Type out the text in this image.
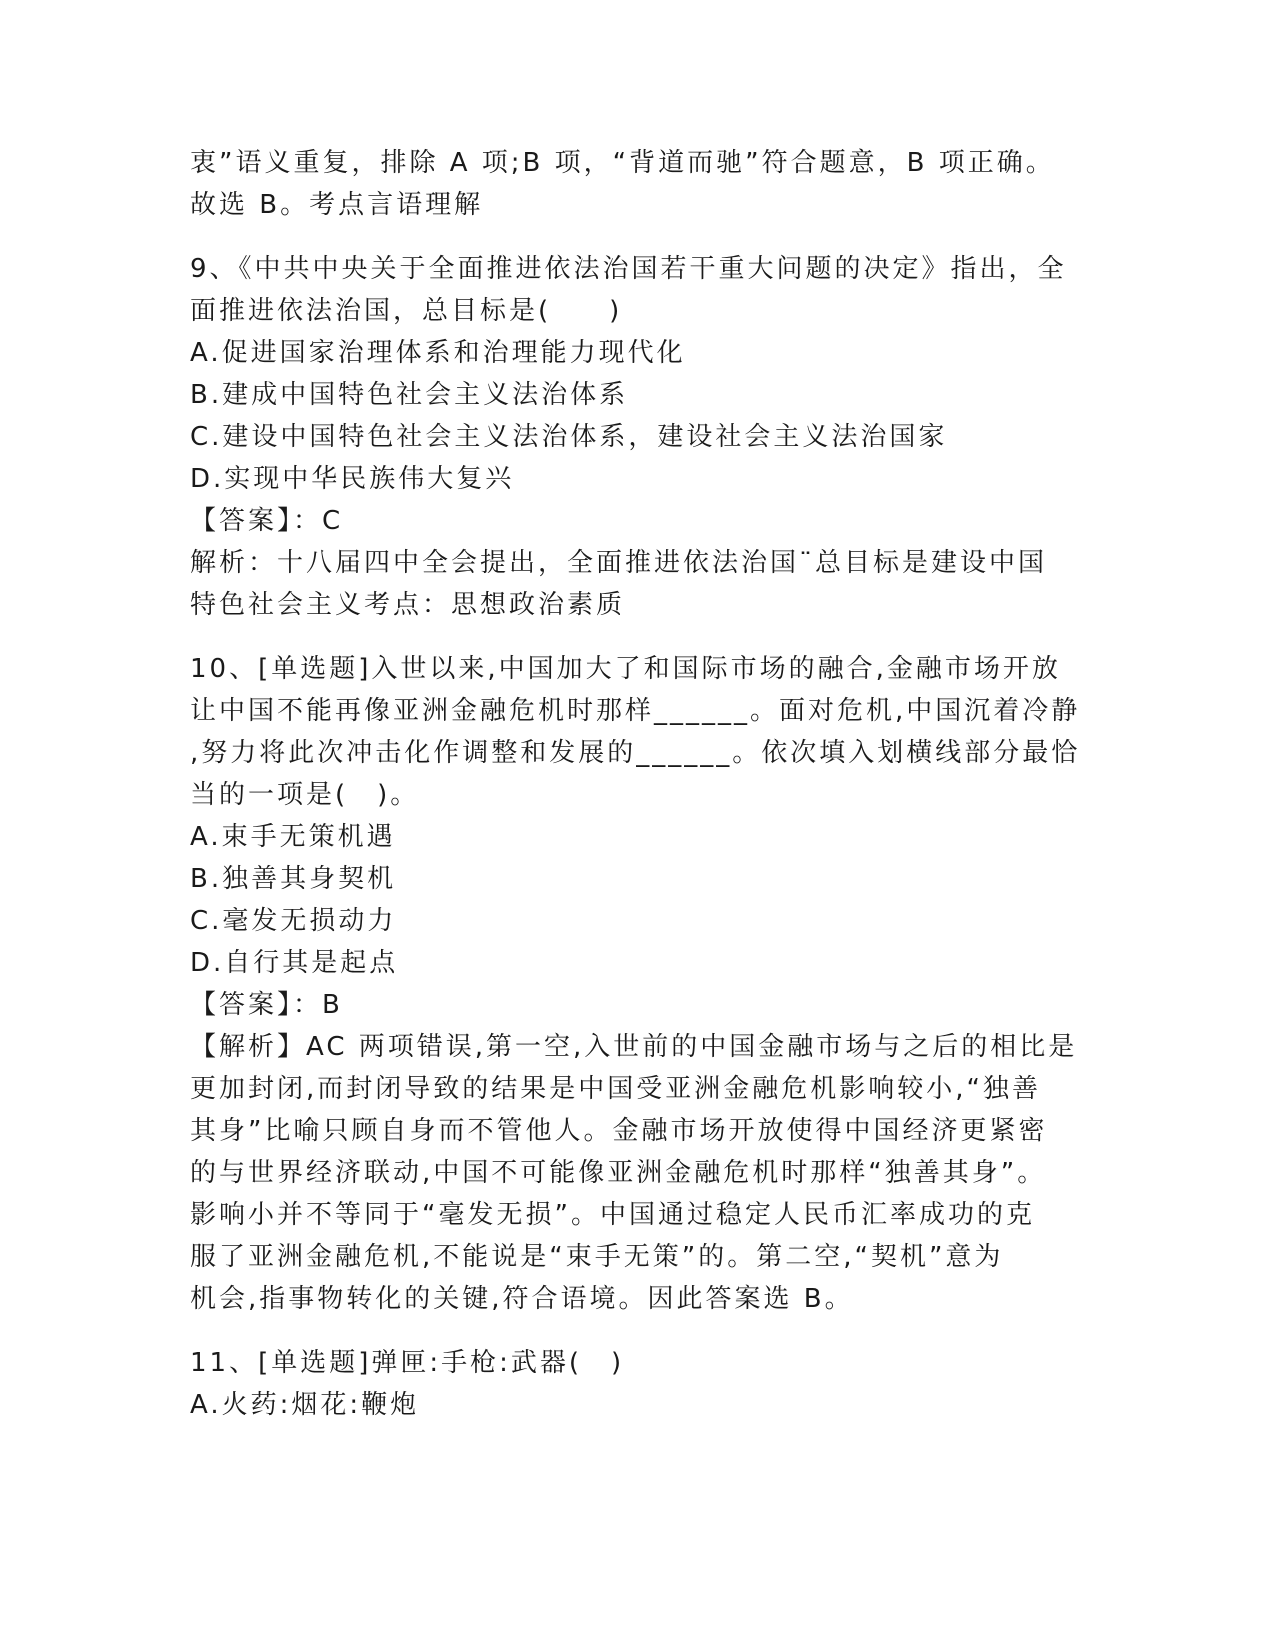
衷”语义重复，排除 A 项;B 项，“背道而驰”符合题意，B 项正确。
故选 B。考点言语理解
9、《中共中央关于全面推进依法治国若干重大问题的决定》指出，全
面推进依法治国，总目标是(　　)
A.促进国家治理体系和治理能力现代化
B.建成中国特色社会主义法治体系
C.建设中国特色社会主义法治体系，建设社会主义法治国家
D.实现中华民族伟大复兴
【答案】：C
解析：十八届四中全会提出，全面推进依法治国¨总目标是建设中国
特色社会主义考点：思想政治素质
10、[单选题]入世以来,中国加大了和国际市场的融合,金融市场开放
让中国不能再像亚洲金融危机时那样______。面对危机,中国沉着冷静
,努力将此次冲击化作调整和发展的______。依次填入划横线部分最恰
当的一项是(　)。
A.束手无策机遇
B.独善其身契机
C.毫发无损动力
D.自行其是起点
【答案】：B
【解析】AC 两项错误,第一空,入世前的中国金融市场与之后的相比是
更加封闭,而封闭导致的结果是中国受亚洲金融危机影响较小,“独善
其身”比喻只顾自身而不管他人。金融市场开放使得中国经济更紧密
的与世界经济联动,中国不可能像亚洲金融危机时那样“独善其身”。
影响小并不等同于“毫发无损”。中国通过稳定人民币汇率成功的克
服了亚洲金融危机,不能说是“束手无策”的。第二空,“契机”意为
机会,指事物转化的关键,符合语境。因此答案选 B。
11、[单选题]弹匣:手枪:武器(　)
A.火药:烟花:鞭炮
